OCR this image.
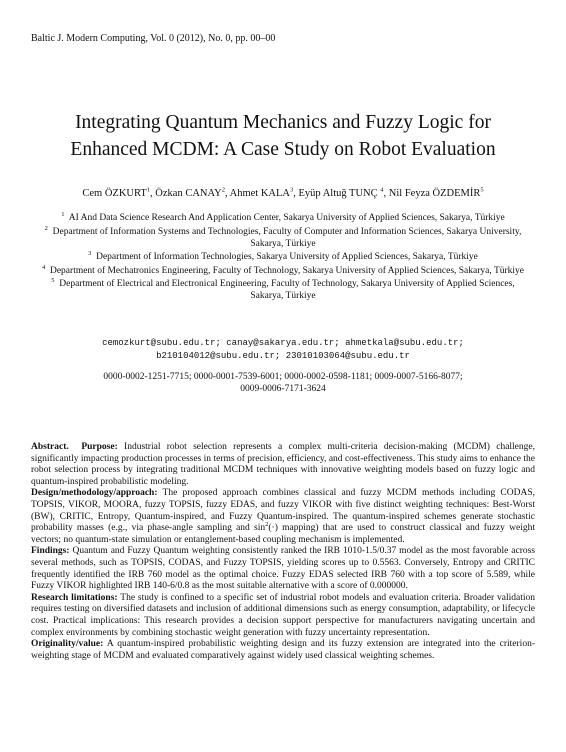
Baltic J. Modern Computing, Vol. 0 (2012), No. 0, pp. 00–00
Integrating Quantum Mechanics and Fuzzy Logic for
Enhanced MCDM: A Case Study on Robot Evaluation
Cem ÖZKURT$^1$, Özkan CANAY$^2$, Ahmet KALA$^3$, Eyüp Altuğ TUNÇ $^4$, Nil Feyza ÖZDEMİR$^5$
$^1$ AI And Data Science Research And Application Center, Sakarya University of Applied Sciences, Sakarya, Türkiye
$^2$ Department of Information Systems and Technologies, Faculty of Computer and Information Sciences, Sakarya University, Sakarya, Türkiye
$^3$ Department of Information Technologies, Sakarya University of Applied Sciences, Sakarya, Türkiye
$^4$ Department of Mechatronics Engineering, Faculty of Technology, Sakarya University of Applied Sciences, Sakarya, Türkiye
$^5$ Department of Electrical and Electronical Engineering, Faculty of Technology, Sakarya University of Applied Sciences, Sakarya, Türkiye
cemozkurt@subu.edu.tr; canay@sakarya.edu.tr; ahmetkala@subu.edu.tr;
b210104012@subu.edu.tr; 23010103064@subu.edu.tr
0000-0002-1251-7715; 0000-0001-7539-6001; 0000-0002-0598-1181; 0009-0007-5166-8077;
0009-0006-7171-3624

Abstract. Purpose: Industrial robot selection represents a complex multi-criteria decision-making (MCDM) challenge, significantly impacting production processes in terms of precision, efficiency, and cost-effectiveness. This study aims to enhance the robot selection process by integrating traditional MCDM techniques with innovative weighting models based on fuzzy logic and quantum-inspired probabilistic modeling.

Design/methodology/approach: The proposed approach combines classical and fuzzy MCDM methods including CODAS, TOPSIS, VIKOR, MOORA, fuzzy TOPSIS, fuzzy EDAS, and fuzzy VIKOR with five distinct weighting techniques: Best-Worst (BW), CRITIC, Entropy, Quantum-inspired, and Fuzzy Quantum-inspired. The quantum-inspired schemes generate stochastic probability masses (e.g., via phase-angle sampling and $\sin^2(\cdot)$ mapping) that are used to construct classical and fuzzy weight vectors; no quantum-state simulation or entanglement-based coupling mechanism is implemented.

Findings: Quantum and Fuzzy Quantum weighting consistently ranked the IRB 1010-1.5/0.37 model as the most favorable across several methods, such as TOPSIS, CODAS, and Fuzzy TOPSIS, yielding scores up to 0.5563. Conversely, Entropy and CRITIC frequently identified the IRB 760 model as the optimal choice. Fuzzy EDAS selected IRB 760 with a top score of 5.589, while Fuzzy VIKOR highlighted IRB 140-6/0.8 as the most suitable alternative with a score of 0.000000.

Research limitations: The study is confined to a specific set of industrial robot models and evaluation criteria. Broader validation requires testing on diversified datasets and inclusion of additional dimensions such as energy consumption, adaptability, or lifecycle cost. Practical implications: This research provides a decision support perspective for manufacturers navigating uncertain and complex environments by combining stochastic weight generation with fuzzy uncertainty representation.

Originality/value: A quantum-inspired probabilistic weighting design and its fuzzy extension are integrated into the criterion-weighting stage of MCDM and evaluated comparatively against widely used classical weighting schemes.
